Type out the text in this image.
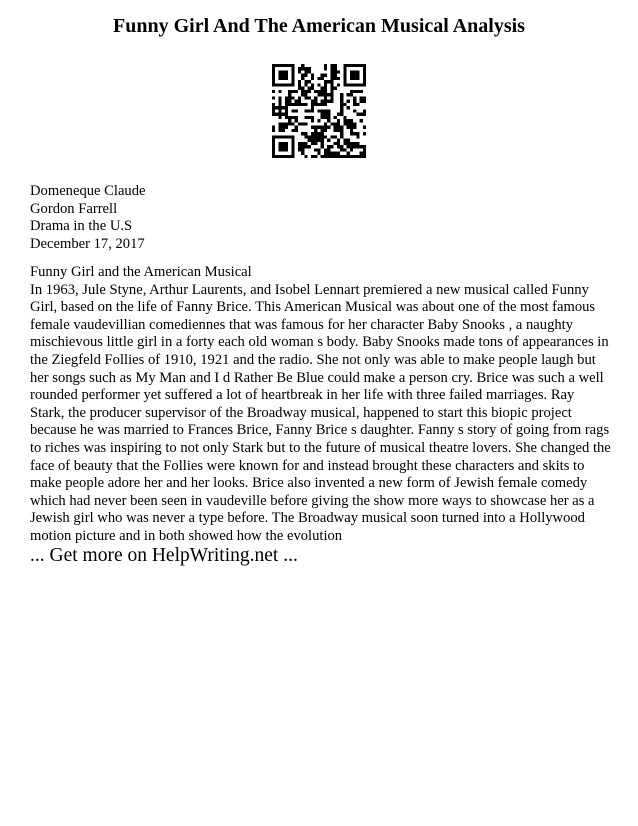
Funny Girl And The American Musical Analysis
Domeneque Claude
Gordon Farrell
Drama in the U.S
December 17, 2017
Funny Girl and the American Musical

In 1963, Jule Styne, Arthur Laurents, and Isobel Lennart premiered a new musical called Funny Girl, based on the life of Fanny Brice. This American Musical was about one of the most famous female vaudevillian comediennes that was famous for her character Baby Snooks , a naughty mischievous little girl in a forty each old woman s body. Baby Snooks made tons of appearances in the Ziegfeld Follies of 1910, 1921 and the radio. She not only was able to make people laugh but her songs such as My Man and I d Rather Be Blue could make a person cry. Brice was such a well rounded performer yet suffered a lot of heartbreak in her life with three failed marriages. Ray Stark, the producer supervisor of the Broadway musical, happened to start this biopic project because he was married to Frances Brice, Fanny Brice s daughter. Fanny s story of going from rags to riches was inspiring to not only Stark but to the future of musical theatre lovers. She changed the face of beauty that the Follies were known for and instead brought these characters and skits to make people adore her and her looks. Brice also invented a new form of Jewish female comedy which had never been seen in vaudeville before giving the show more ways to showcase her as a Jewish girl who was never a type before. The Broadway musical soon turned into a Hollywood motion picture and in both showed how the evolution

... Get more on HelpWriting.net ...
